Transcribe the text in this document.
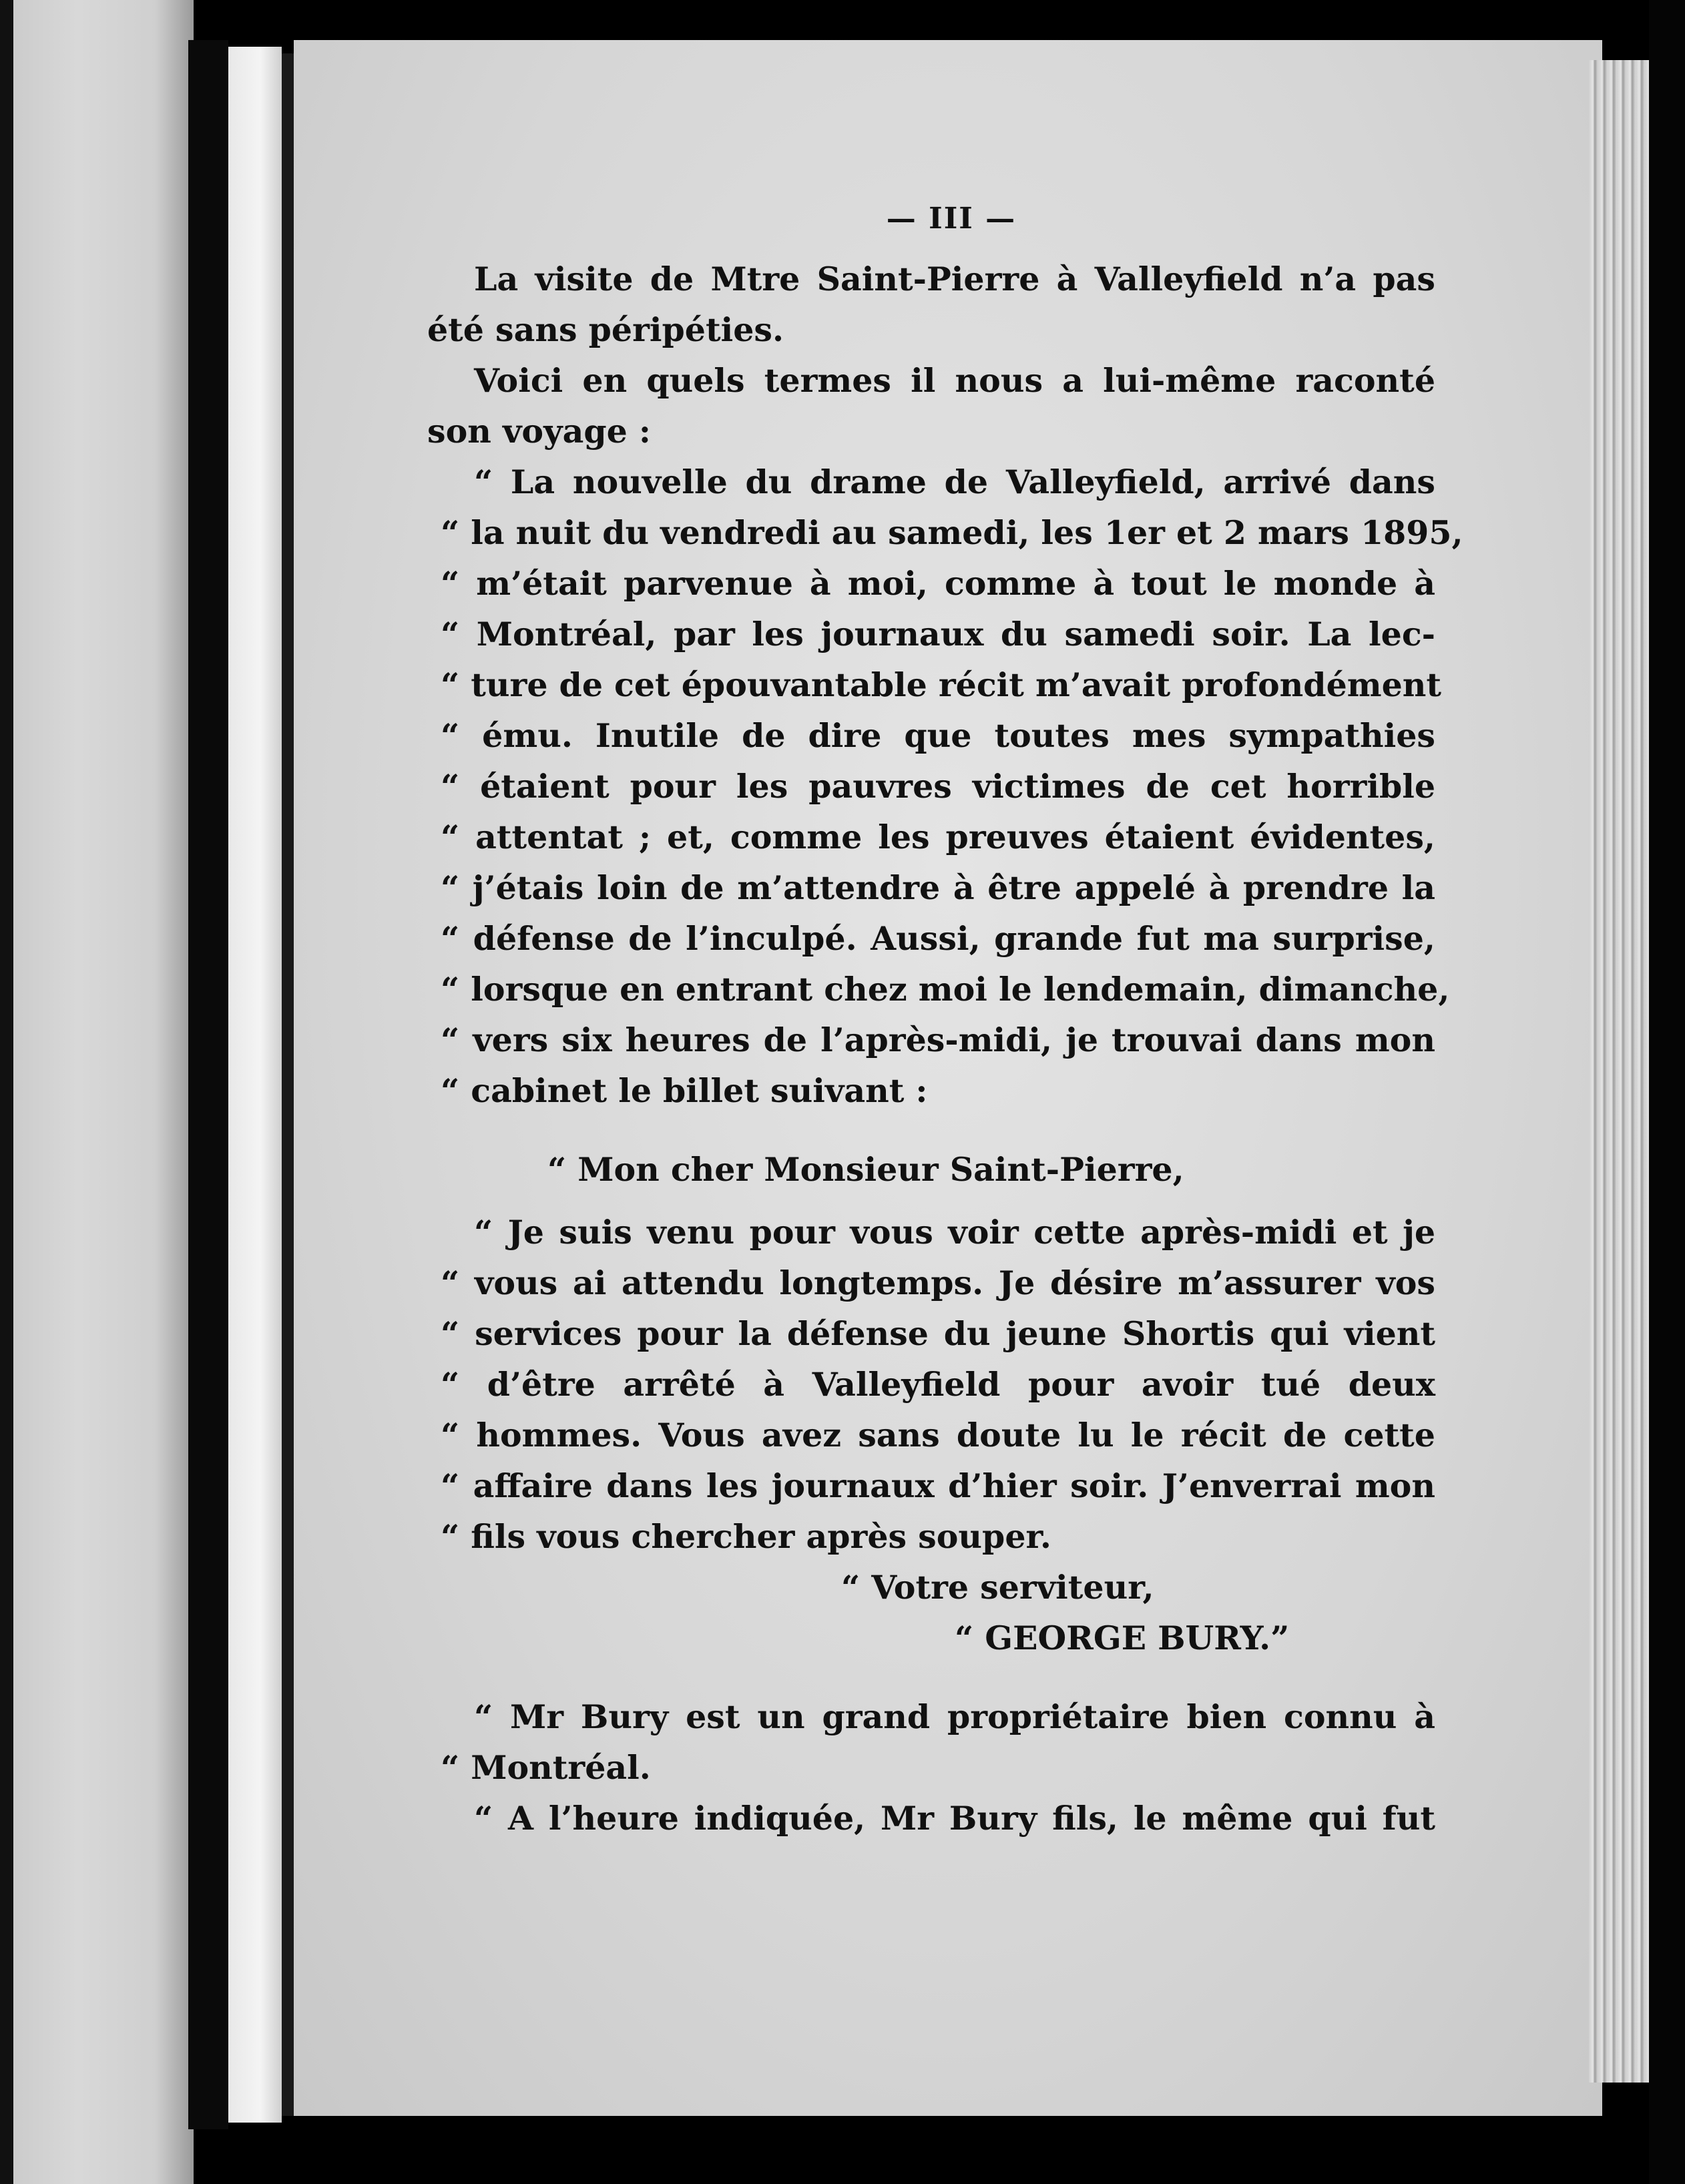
— III —
La visite de Mtre Saint-Pierre à Valleyfield n’a pas
été sans péripéties.
Voici en quels termes il nous a lui-même raconté
son voyage :
“ La nouvelle du drame de Valleyfield, arrivé dans
“ la nuit du vendredi au samedi, les 1er et 2 mars 1895,
“ m’était parvenue à moi, comme à tout le monde à
“ Montréal, par les journaux du samedi soir. La lec-
“ ture de cet épouvantable récit m’avait profondément
“ ému. Inutile de dire que toutes mes sympathies
“ étaient pour les pauvres victimes de cet horrible
“ attentat ; et, comme les preuves étaient évidentes,
“ j’étais loin de m’attendre à être appelé à prendre la
“ défense de l’inculpé. Aussi, grande fut ma surprise,
“ lorsque en entrant chez moi le lendemain, dimanche,
“ vers six heures de l’après-midi, je trouvai dans mon
“ cabinet le billet suivant :
“ Mon cher Monsieur Saint-Pierre,
“ Je suis venu pour vous voir cette après-midi et je
“ vous ai attendu longtemps. Je désire m’assurer vos
“ services pour la défense du jeune Shortis qui vient
“ d’être arrêté à Valleyfield pour avoir tué deux
“ hommes. Vous avez sans doute lu le récit de cette
“ affaire dans les journaux d’hier soir. J’enverrai mon
“ fils vous chercher après souper.
“ Votre serviteur,
“ GEORGE BURY.”
“ Mr Bury est un grand propriétaire bien connu à
“ Montréal.
“ A l’heure indiquée, Mr Bury fils, le même qui fut
